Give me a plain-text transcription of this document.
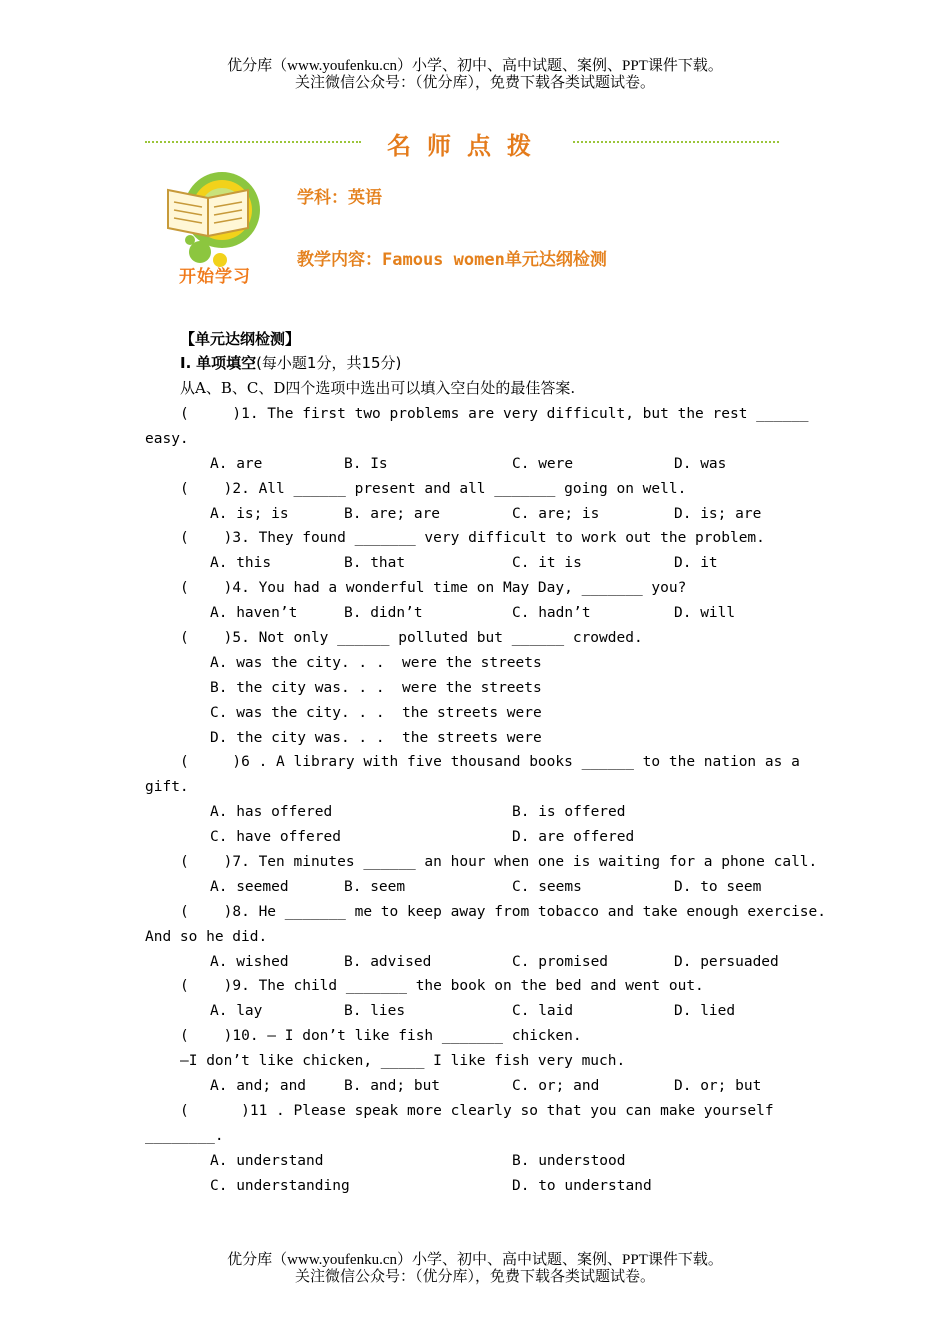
优分库（www.youfenku.cn）小学、初中、高中试题、案例、PPT课件下载。
关注微信公众号：（优分库），免费下载各类试题试卷。
名师点拨
开始学习
学科：英语
教学内容：Famous women单元达纲检测
【单元达纲检测】
Ⅰ. 单项填空(每小题1分，共15分)
从A、B、C、D四个选项中选出可以填入空白处的最佳答案.
(     )1. The first two problems are very difficult, but the rest ______
easy.
A. are	B. Is	C. were	D. was
(    )2. All ______ present and all _______ going on well.
A. is; is	B. are; are	C. are; is	D. is; are
(    )3. They found _______ very difficult to work out the problem.
A. this	B. that	C. it is	D. it
(    )4. You had a wonderful time on May Day, _______ you?
A. haven’t	B. didn’t	C. hadn’t	D. will
(    )5. Not only ______ polluted but ______ crowded.
A. was the city. . .  were the streets
B. the city was. . .  were the streets
C. was the city. . .  the streets were
D. the city was. . .  the streets were
(     )6 . A library with five thousand books ______ to the nation as a
gift.
A. has offered	B. is offered
C. have offered	D. are offered
(    )7. Ten minutes ______ an hour when one is waiting for a phone call.
A. seemed	B. seem	C. seems	D. to seem
(    )8. He _______ me to keep away from tobacco and take enough exercise.
And so he did.
A. wished	B. advised	C. promised	D. persuaded
(    )9. The child _______ the book on the bed and went out.
A. lay	B. lies	C. laid	D. lied
(    )10. — I don’t like fish _______ chicken.
—I don’t like chicken, _____ I like fish very much.
A. and; and	B. and; but	C. or; and	D. or; but
(      )11 . Please speak more clearly so that you can make yourself
________.
A. understand	B. understood
C. understanding	D. to understand
优分库（www.youfenku.cn）小学、初中、高中试题、案例、PPT课件下载。
关注微信公众号：（优分库），免费下载各类试题试卷。
